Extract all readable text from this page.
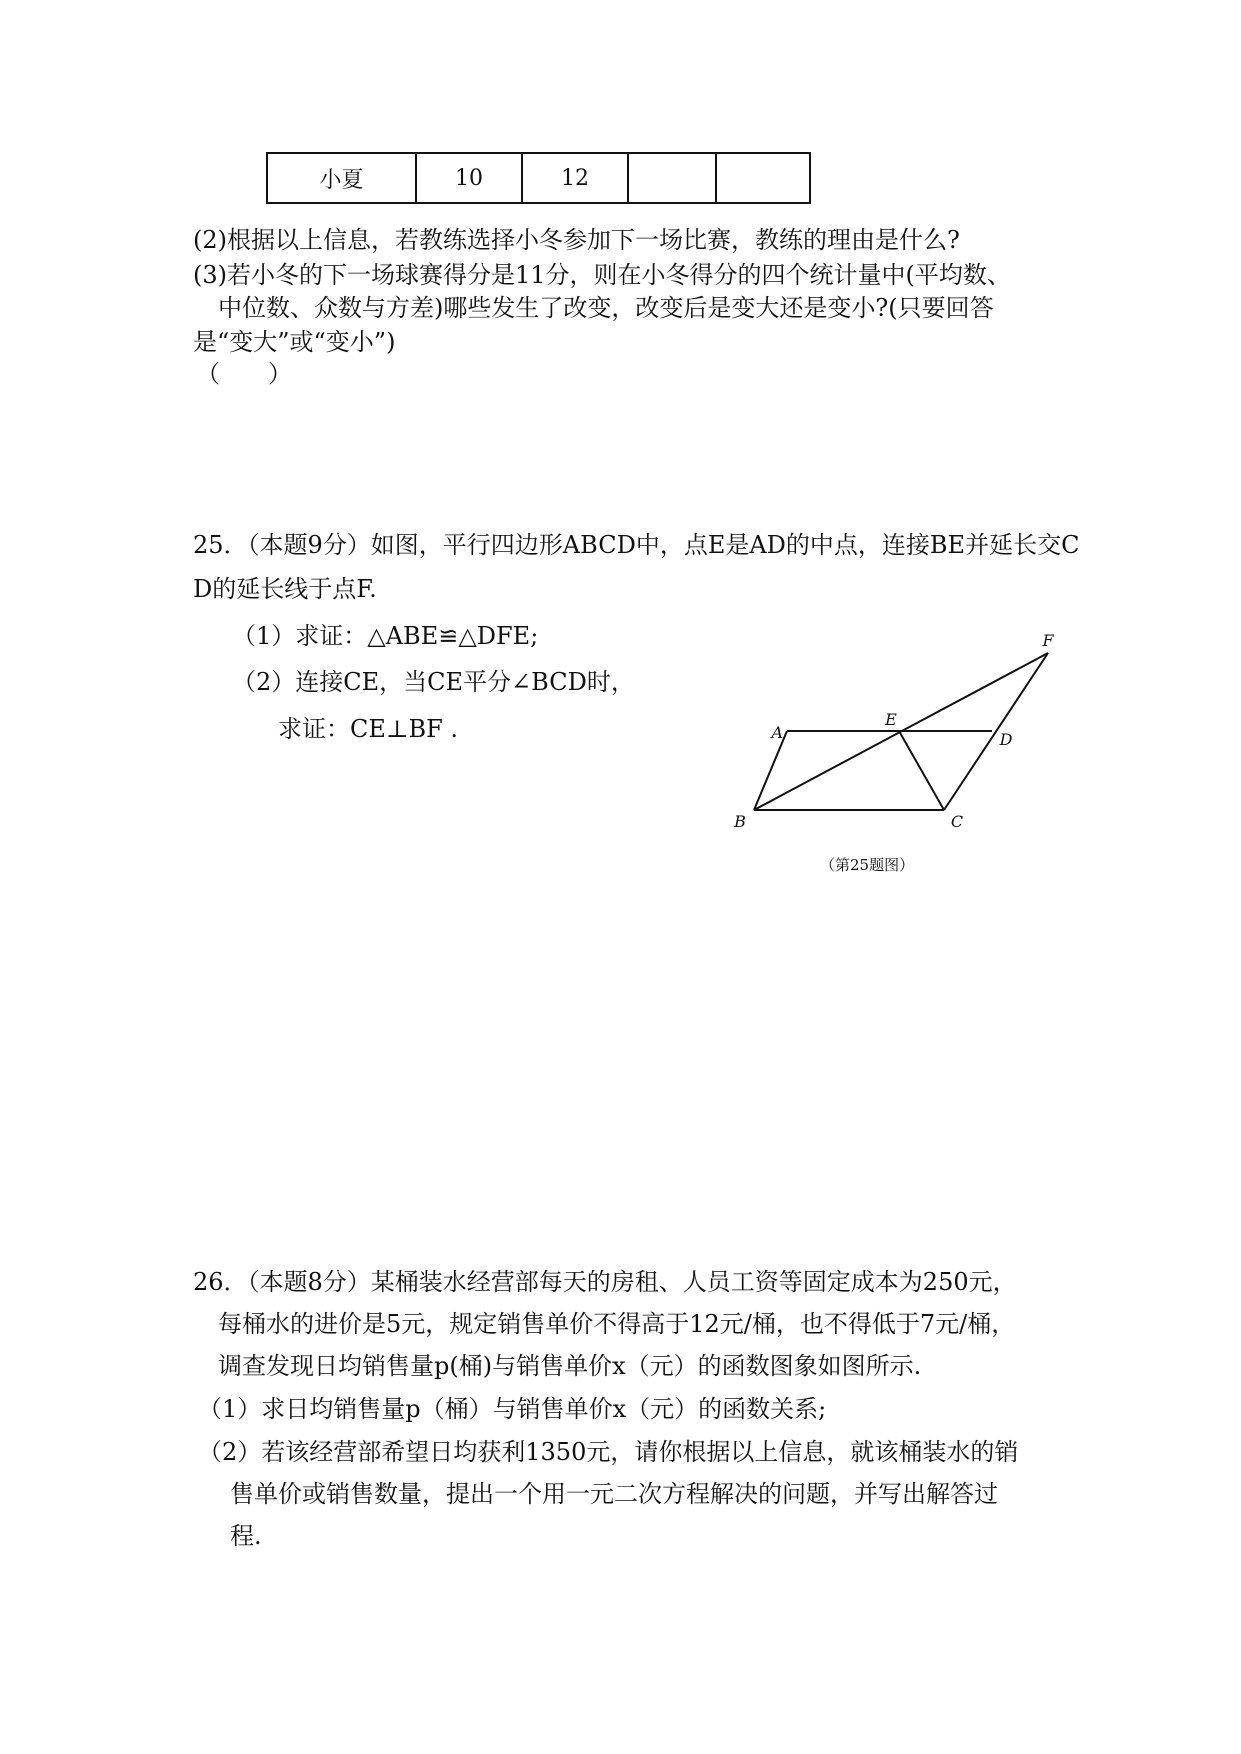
小夏	10	12		
(2)根据以上信息，若教练选择小冬参加下一场比赛，教练的理由是什么?
(3)若小冬的下一场球赛得分是11分，则在小冬得分的四个统计量中(平均数、
中位数、众数与方差)哪些发生了改变，改变后是变大还是变小?(只要回答
是“变大”或“变小”)
（　　）
25．（本题9分）如图，平行四边形ABCD中，点E是AD的中点，连接BE并延长交C
D的延长线于点F.
（1）求证：△ABE≌△DFE;
（2）连接CE，当CE平分∠BCD时，
求证：CE⊥BF .	A
B	C
D
E
F
（第25题图）
26．（本题8分）某桶装水经营部每天的房租、人员工资等固定成本为250元，
每桶水的进价是5元，规定销售单价不得高于12元/桶，也不得低于7元/桶，
调查发现日均销售量p(桶)与销售单价x（元）的函数图象如图所示.
（1）求日均销售量p（桶）与销售单价x（元）的函数关系;
（2）若该经营部希望日均获利1350元，请你根据以上信息，就该桶装水的销
售单价或销售数量，提出一个用一元二次方程解决的问题，并写出解答过
程.
